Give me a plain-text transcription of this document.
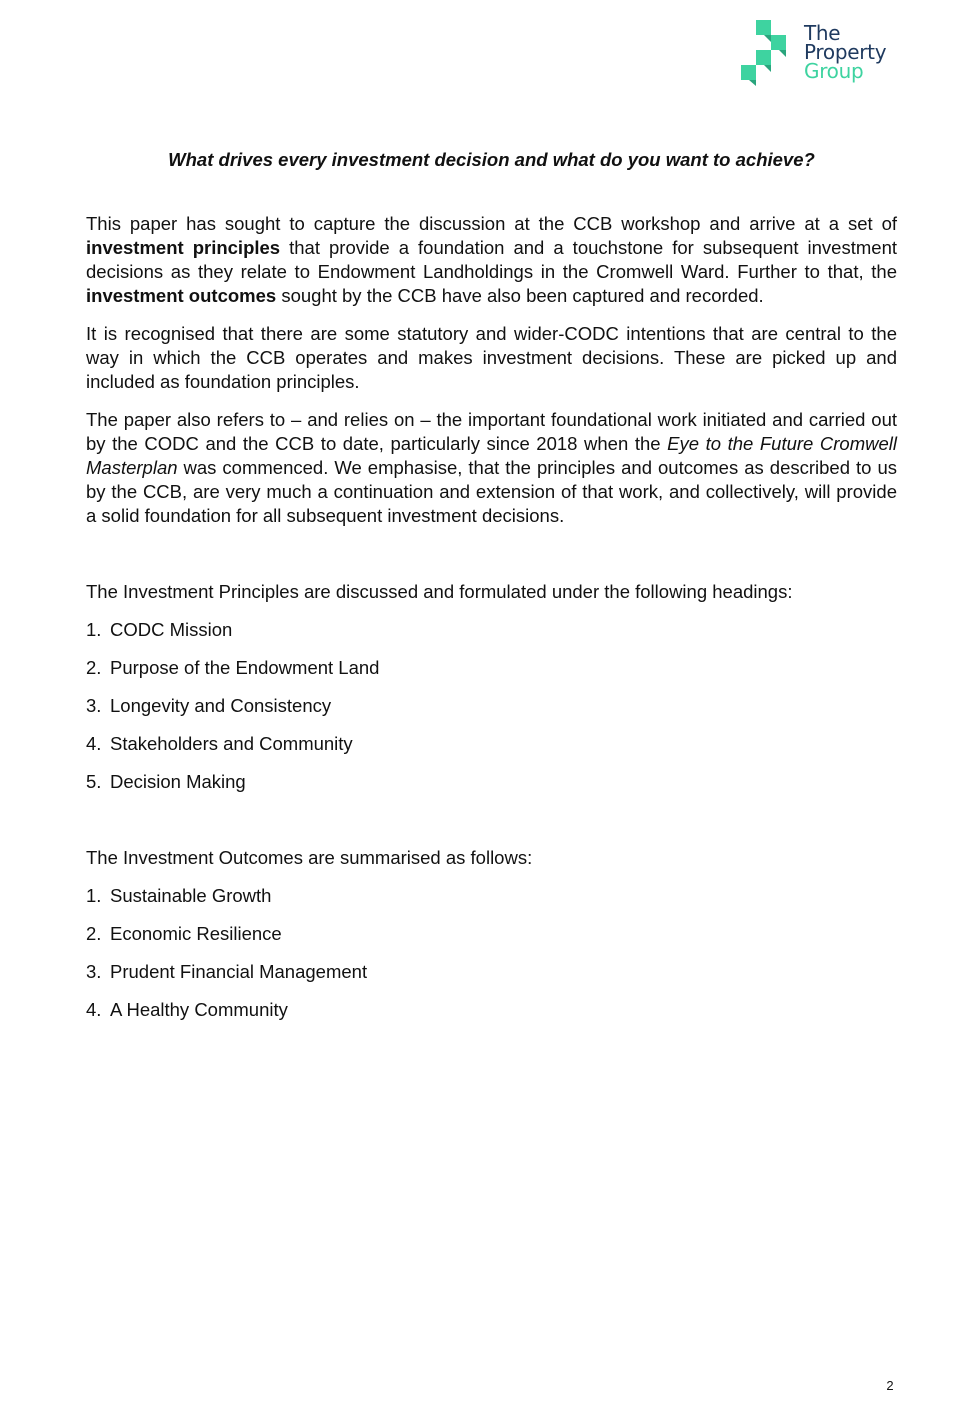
The
Property
Group
What drives every investment decision and what do you want to achieve?

This paper has sought to capture the discussion at the CCB workshop and arrive at a set of investment principles that provide a foundation and a touchstone for subsequent investment decisions as they relate to Endowment Landholdings in the Cromwell Ward. Further to that, the investment outcomes sought by the CCB have also been captured and recorded.

It is recognised that there are some statutory and wider-CODC intentions that are central to the way in which the CCB operates and makes investment decisions. These are picked up and included as foundation principles.

The paper also refers to – and relies on – the important foundational work initiated and carried out by the CODC and the CCB to date, particularly since 2018 when the Eye to the Future Cromwell Masterplan was commenced. We emphasise, that the principles and outcomes as described to us by the CCB, are very much a continuation and extension of that work, and collectively, will provide a solid foundation for all subsequent investment decisions.

The Investment Principles are discussed and formulated under the following headings:

1. CODC Mission
2. Purpose of the Endowment Land
3. Longevity and Consistency
4. Stakeholders and Community
5. Decision Making

The Investment Outcomes are summarised as follows:

1. Sustainable Growth
2. Economic Resilience
3. Prudent Financial Management
4. A Healthy Community
2
